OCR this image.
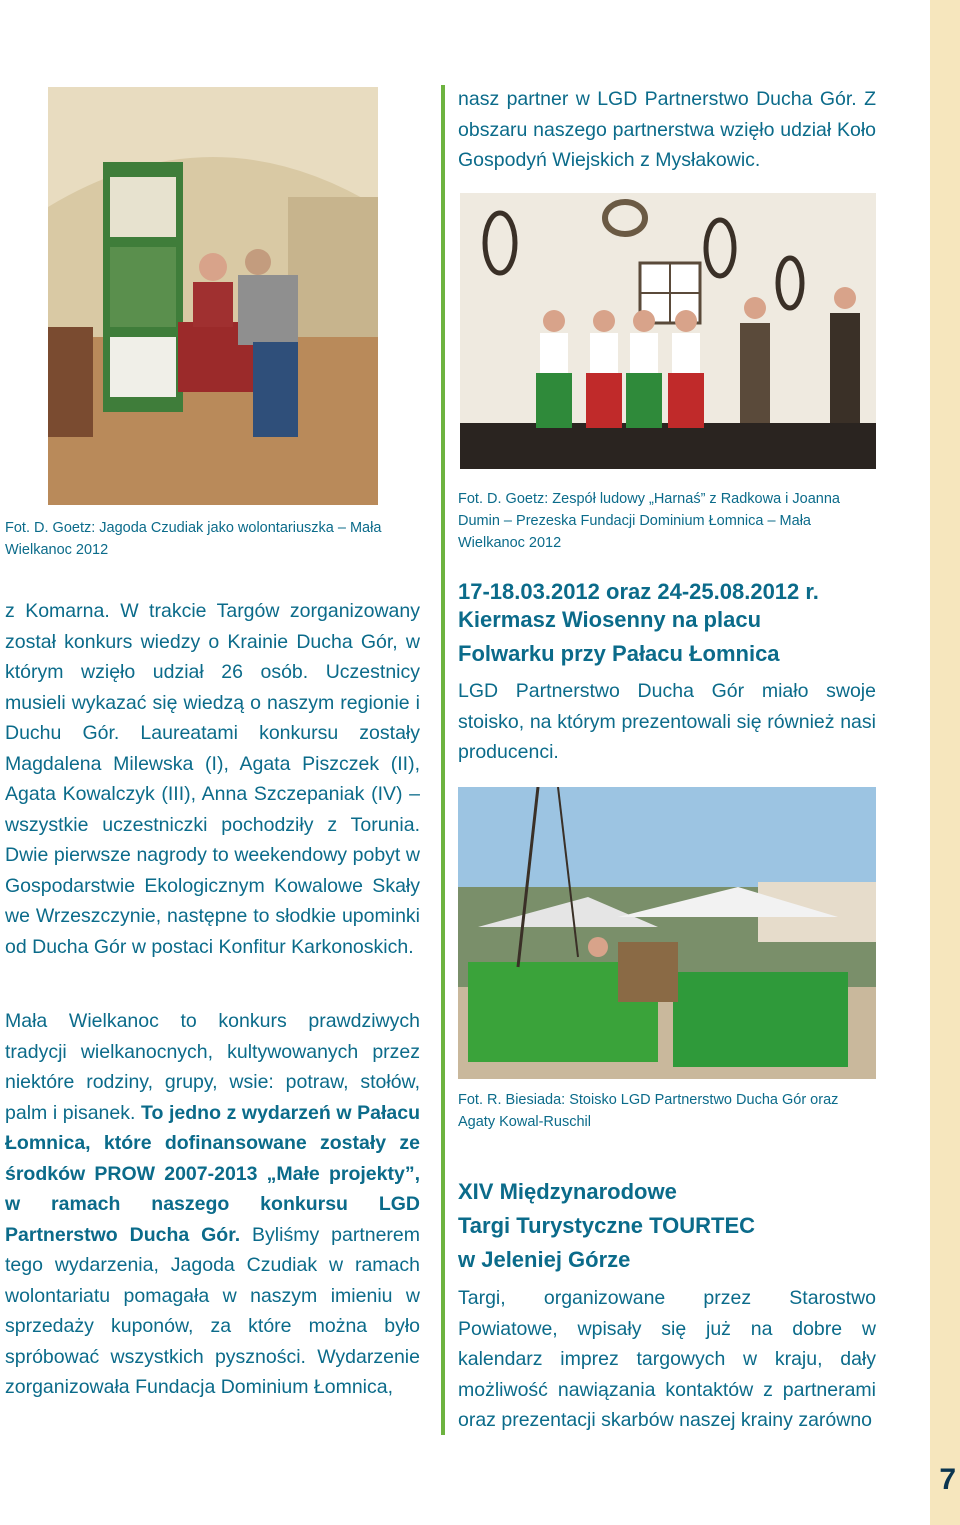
Fot. D. Goetz: Jagoda Czudiak jako wolontariuszka – Mała Wielkanoc 2012
z Komarna. W trakcie Targów zorganizowany został konkurs wiedzy o Krainie Ducha Gór, w którym wzięło udział 26 osób. Uczestnicy musieli wykazać się wiedzą o naszym regionie i Duchu Gór. Laureatami konkursu zostały Magdalena Milewska (I), Agata Piszczek (II), Agata Kowalczyk (III), Anna Szczepaniak (IV) – wszystkie uczestniczki pochodziły z Torunia. Dwie pierwsze nagrody to weekendowy pobyt w Gospodarstwie Ekologicznym Kowalowe Skały we Wrzeszczynie, następne to słodkie upominki od Ducha Gór w postaci Konfitur Karkonoskich.
Mała Wielkanoc to konkurs prawdziwych tradycji wielkanocnych, kultywowanych przez niektóre rodziny, grupy, wsie: potraw, stołów, palm i pisanek. To jedno z wydarzeń w Pałacu Łomnica, które dofinansowane zostały ze środków PROW 2007-2013 „Małe projekty”, w ramach naszego konkursu LGD Partnerstwo Ducha Gór. Byliśmy partnerem tego wydarzenia, Jagoda Czudiak w ramach wolontariatu pomagała w naszym imieniu w sprzedaży kuponów, za które można było spróbować wszystkich pyszności. Wydarzenie zorganizowała Fundacja Dominium Łomnica,
nasz partner w LGD Partnerstwo Ducha Gór. Z obszaru naszego partnerstwa wzięło udział Koło Gospodyń Wiejskich z Mysłakowic.
Fot. D. Goetz: Zespół ludowy „Harnaś” z Radkowa i Joanna Dumin – Prezeska Fundacji Dominium Łomnica – Mała Wielkanoc 2012
17-18.03.2012 oraz 24-25.08.2012 r.
Kiermasz Wiosenny na placu
Folwarku przy Pałacu Łomnica
LGD Partnerstwo Ducha Gór miało swoje stoisko, na którym prezentowali się również nasi producenci.
Fot. R. Biesiada: Stoisko LGD Partnerstwo Ducha Gór oraz Agaty Kowal-Ruschil
XIV Międzynarodowe
Targi Turystyczne TOURTEC
w Jeleniej Górze
Targi, organizowane przez Starostwo Powiatowe, wpisały się już na dobre w kalendarz imprez targowych w kraju, dały możliwość nawiązania kontaktów z partnerami oraz prezentacji skarbów naszej krainy zarówno
7
